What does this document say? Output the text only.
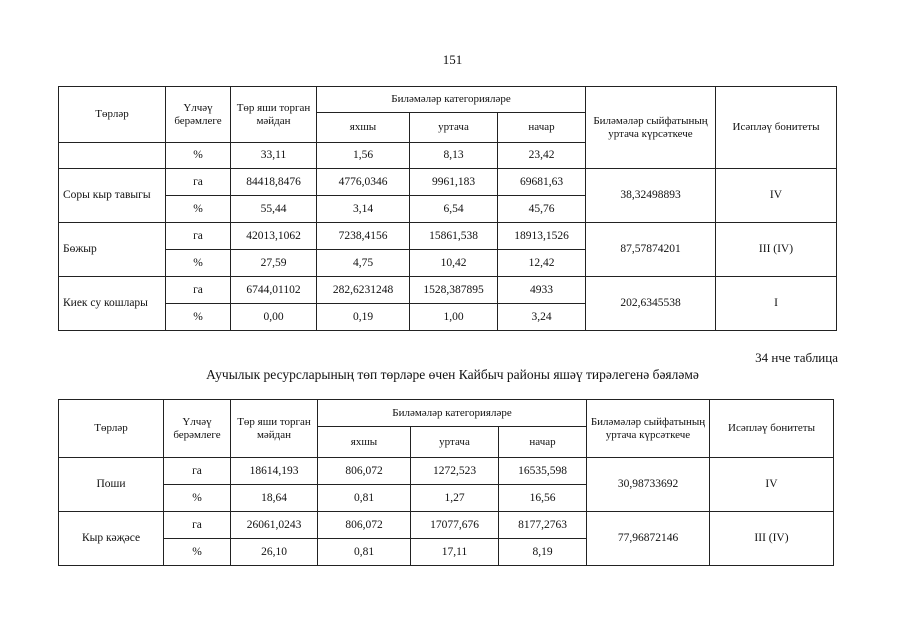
151
Төрләр	Үлчәү берәмлеге	Төр яши торган мәйдан	Биләмәләр категорияләре			Биләмәләр сыйфатының уртача күрсәткече	Исәпләү бонитеты
			яхшы	уртача	начар		
	%	33,11	1,56	8,13	23,42		
Соры кыр тавыгы	га	84418,8476	4776,0346	9961,183	69681,63	38,32498893	IV
	%	55,44	3,14	6,54	45,76		
Бөжыр	га	42013,1062	7238,4156	15861,538	18913,1526	87,57874201	III (IV)
	%	27,59	4,75	10,42	12,42		
Киек су кошлары	га	6744,01102	282,6231248	1528,387895	4933	202,6345538	I
	%	0,00	0,19	1,00	3,24		
34 нче таблица
Аучылык ресурсларының төп төрләре өчен Кайбыч районы яшәү тирәлегенә бәяләмә
Төрләр	Үлчәү берәмлеге	Төр яши торган мәйдан	Биләмәләр категорияләре			Биләмәләр сыйфатының уртача күрсәткече	Исәпләү бонитеты
			яхшы	уртача	начар		
Поши	га	18614,193	806,072	1272,523	16535,598	30,98733692	IV
	%	18,64	0,81	1,27	16,56		
Кыр кәҗәсе	га	26061,0243	806,072	17077,676	8177,2763	77,96872146	III (IV)
	%	26,10	0,81	17,11	8,19		
